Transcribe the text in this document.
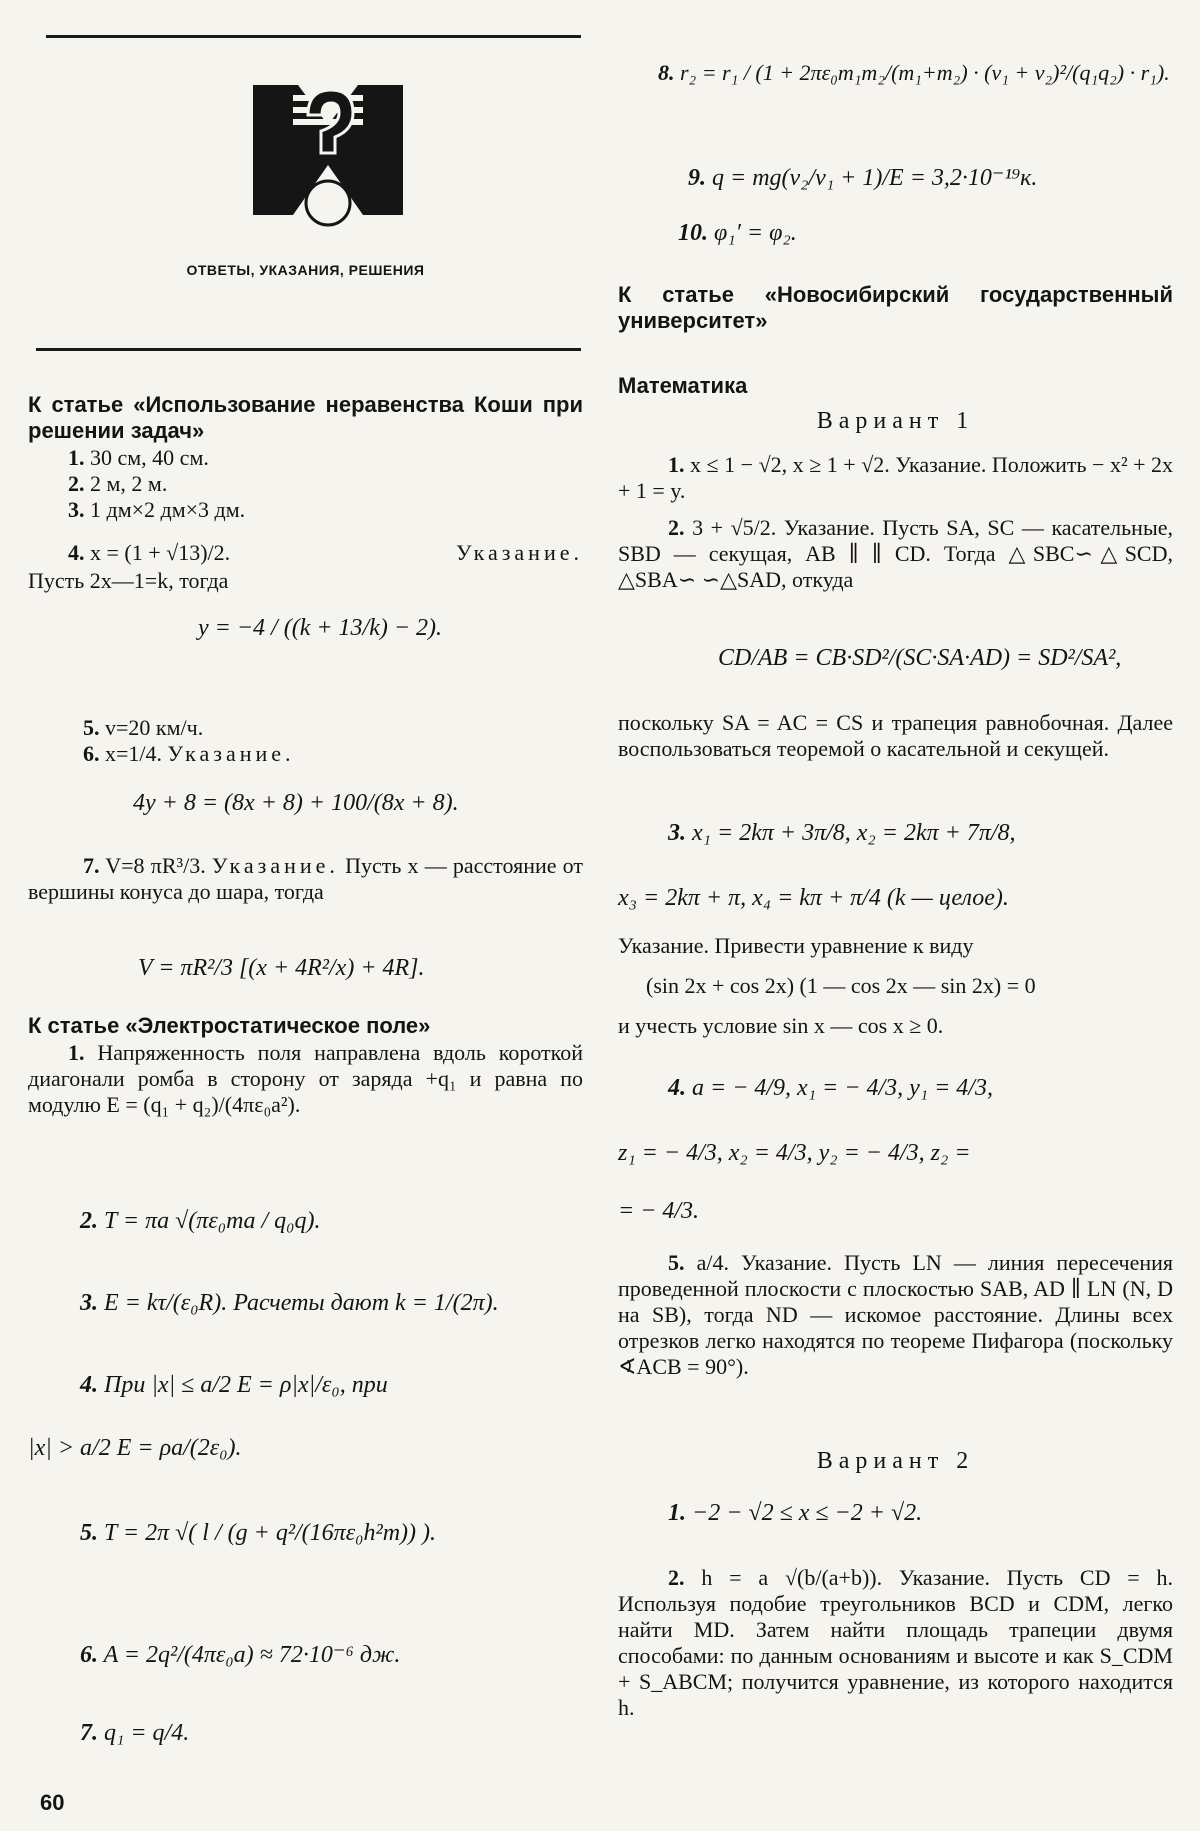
ОТВЕТЫ, УКАЗАНИЯ, РЕШЕНИЯ
К статье «Использование неравенства Коши при решении задач»
1. 30 см, 40 см.
2. 2 м, 2 м.
3. 1 дм×2 дм×3 дм.
4. x = (1 + √13)/2.	Указание.
Пусть 2x—1=k, тогда
y = −4 / ((k + 13/k) − 2).
5. v=20 км/ч.
6. x=1/4. Указание.
4y + 8 = (8x + 8) + 100/(8x + 8).
7. V=8 πR³/3. Указание. Пусть x — расстояние от вершины конуса до шара, тогда
V = πR²/3 [(x + 4R²/x) + 4R].
К статье «Электростатическое поле»
1. Напряженность поля направлена вдоль короткой диагонали ромба в сторону от заряда +q₁ и равна по модулю E = (q₁ + q₂)/(4πε₀a²).
2. T = πa √(πε₀ma / q₀q).
3. E = kτ/(ε₀R). Расчеты дают k = 1/(2π).
4. При |x| ≤ a/2 E = ρ|x|/ε₀, при
|x| > a/2 E = ρa/(2ε₀).
5. T = 2π √( l / (g + q²/(16πε₀h²m)) ).
6. A = 2q²/(4πε₀a) ≈ 72·10⁻⁶ дж.
7. q₁ = q/4.
8. r₂ = r₁ / (1 + 2πε₀m₁m₂/(m₁+m₂) · (v₁ + v₂)²/(q₁q₂) · r₁).
9. q = mg(v₂/v₁ + 1)/E = 3,2·10⁻¹⁹к.
10. φ₁′ = φ₂.
К статье «Новосибирский государственный университет»
Математика
Вариант 1
1. x ≤ 1 − √2, x ≥ 1 + √2. Указание. Положить − x² + 2x + 1 = y.
2. 3 + √5/2. Указание. Пусть SA, SC — касательные, SBD — секущая, AB ∥ ∥ CD. Тогда △SBC∽△SCD, △SBA∽ ∽△SAD, откуда
CD/AB = CB·SD²/(SC·SA·AD) = SD²/SA²,
поскольку SA = AC = CS и трапеция равнобочная. Далее воспользоваться теоремой о касательной и секущей.
3. x₁ = 2kπ + 3π/8, x₂ = 2kπ + 7π/8,
x₃ = 2kπ + π, x₄ = kπ + π/4 (k — целое).
Указание. Привести уравнение к виду
(sin 2x + cos 2x) (1 — cos 2x — sin 2x) = 0
и учесть условие sin x — cos x ≥ 0.
4. a = − 4/9, x₁ = − 4/3, y₁ = 4/3,
z₁ = − 4/3, x₂ = 4/3, y₂ = − 4/3, z₂ =
= − 4/3.
5. a/4. Указание. Пусть LN — линия пересечения проведенной плоскости с плоскостью SAB, AD ∥ LN (N, D на SB), тогда ND — искомое расстояние. Длины всех отрезков легко находятся по теореме Пифагора (поскольку ∢ACB = 90°).
Вариант 2
1. −2 − √2 ≤ x ≤ −2 + √2.
2. h = a √(b/(a+b)). Указание. Пусть CD = h. Используя подобие треугольников BCD и CDM, легко найти MD. Затем найти площадь трапеции двумя способами: по данным основаниям и высоте и как S_CDM + S_ABCM; получится уравнение, из которого находится h.
60
